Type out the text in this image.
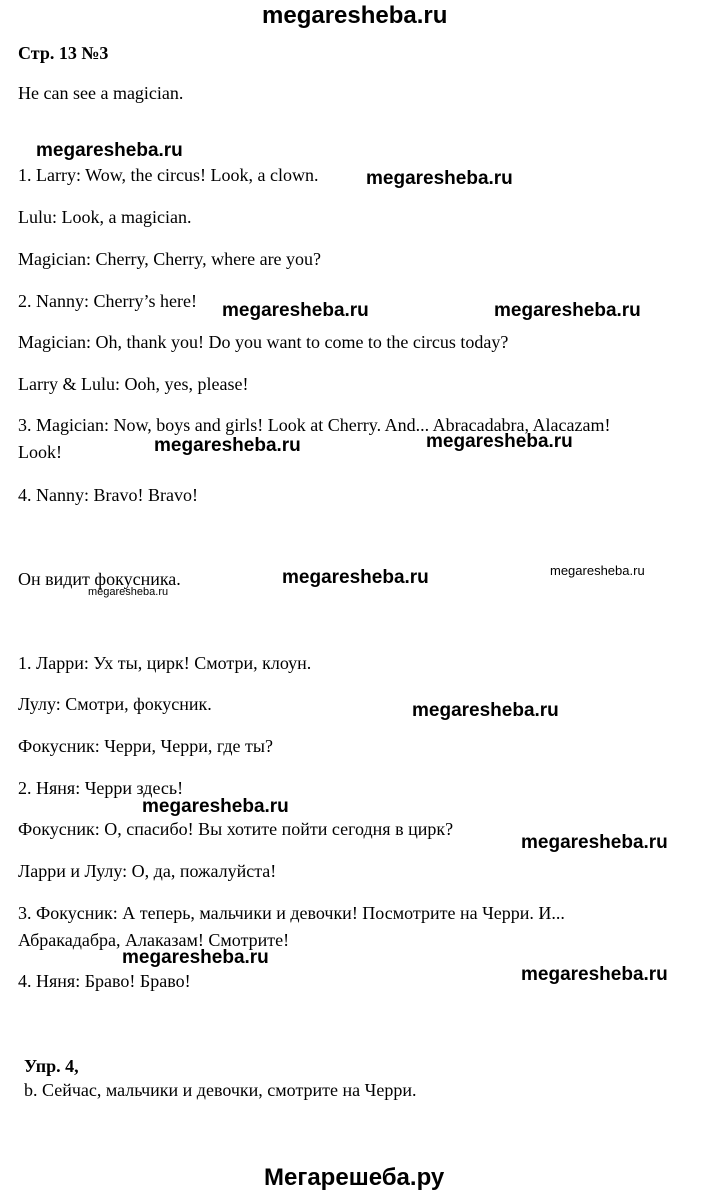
megaresheba.ru
Стр. 13 №3
He can see a magician.
1. Larry: Wow, the circus! Look, a clown.
Lulu: Look, a magician.
Magician: Cherry, Cherry, where are you?
2. Nanny: Cherry’s here!
Magician: Oh, thank you! Do you want to come to the circus today?
Larry & Lulu: Ooh, yes, please!
3. Magician: Now, boys and girls! Look at Cherry. And... Abracadabra, Alacazam!
Look!
4. Nanny: Bravo! Bravo!
Он видит фокусника.
1. Ларри: Ух ты, цирк! Смотри, клоун.
Лулу: Смотри, фокусник.
Фокусник: Черри, Черри, где ты?
2. Няня: Черри здесь!
Фокусник: О, спасибо! Вы хотите пойти сегодня в цирк?
Ларри и Лулу: О, да, пожалуйста!
3. Фокусник: А теперь, мальчики и девочки! Посмотрите на Черри. И...
Абракадабра, Алаказам! Смотрите!
4. Няня: Браво! Браво!
Упр. 4,
b. Сейчас, мальчики и девочки, смотрите на Черри.
Мегарешеба.ру
megaresheba.ru
megaresheba.ru
megaresheba.ru	megaresheba.ru
megaresheba.ru	megaresheba.ru
megaresheba.ru	megaresheba.ru
megaresheba.ru
megaresheba.ru
megaresheba.ru
megaresheba.ru
megaresheba.ru
megaresheba.ru
